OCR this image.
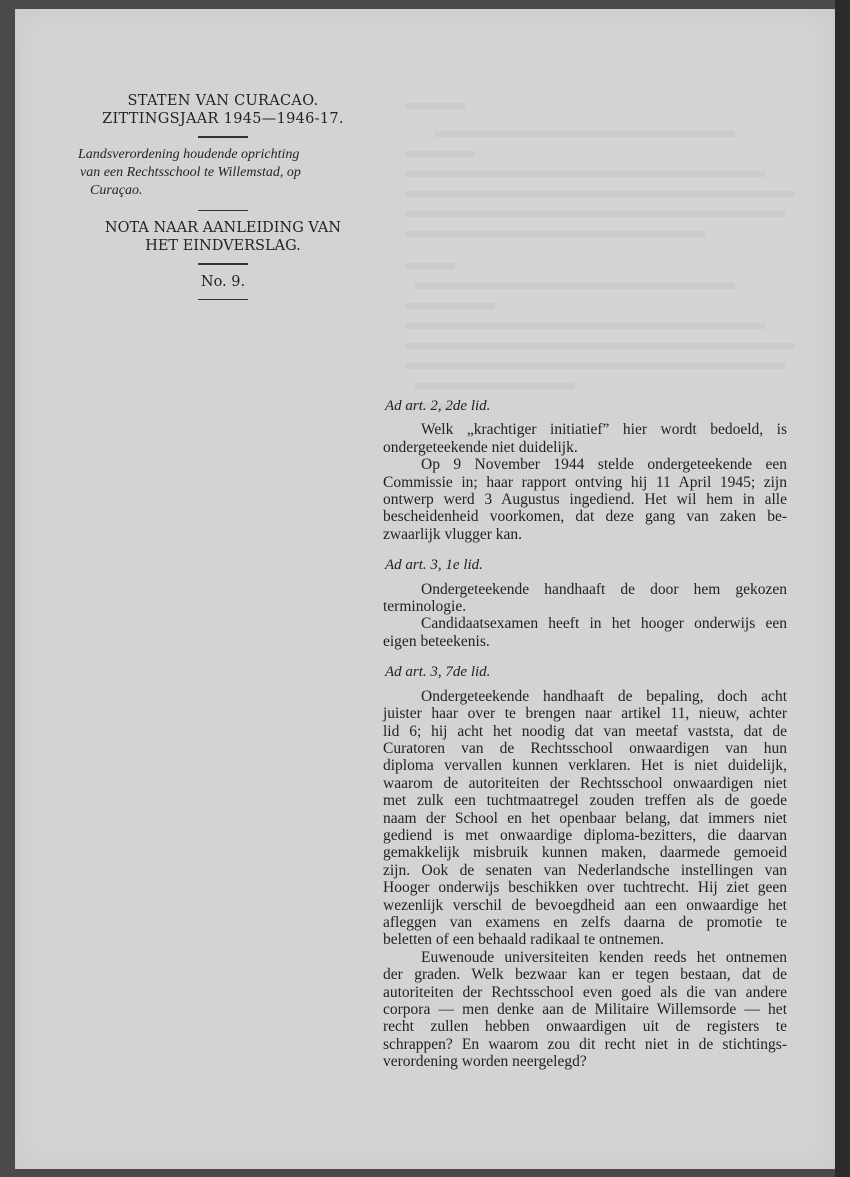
STATEN VAN CURACAO.
ZITTINGSJAAR 1945—1946-17.
Landsverordening houdende oprichting
van een Rechtsschool te Willemstad, op
Curaçao.
NOTA NAAR AANLEIDING VAN
HET EINDVERSLAG.
No. 9.
Ad art. 2, 2de lid.
Welk „krachtiger initiatief” hier wordt bedoeld, is
ondergeteekende niet duidelijk.
Op 9 November 1944 stelde ondergeteekende een
Commissie in; haar rapport ontving hij 11 April 1945; zijn
ontwerp werd 3 Augustus ingediend. Het wil hem in alle
bescheidenheid voorkomen, dat deze gang van zaken be-
zwaarlijk vlugger kan.
Ad art. 3, 1e lid.
Ondergeteekende handhaaft de door hem gekozen
terminologie.
Candidaatsexamen heeft in het hooger onderwijs een
eigen beteekenis.
Ad art. 3, 7de lid.
Ondergeteekende handhaaft de bepaling, doch acht
juister haar over te brengen naar artikel 11, nieuw, achter
lid 6; hij acht het noodig dat van meetaf vaststa, dat de
Curatoren van de Rechtsschool onwaardigen van hun
diploma vervallen kunnen verklaren. Het is niet duidelijk,
waarom de autoriteiten der Rechtsschool onwaardigen niet
met zulk een tuchtmaatregel zouden treffen als de goede
naam der School en het openbaar belang, dat immers niet
gediend is met onwaardige diploma-bezitters, die daarvan
gemakkelijk misbruik kunnen maken, daarmede gemoeid
zijn. Ook de senaten van Nederlandsche instellingen van
Hooger onderwijs beschikken over tuchtrecht. Hij ziet geen
wezenlijk verschil de bevoegdheid aan een onwaardige het
afleggen van examens en zelfs daarna de promotie te
beletten of een behaald radikaal te ontnemen.
Euwenoude universiteiten kenden reeds het ontnemen
der graden. Welk bezwaar kan er tegen bestaan, dat de
autoriteiten der Rechtsschool even goed als die van andere
corpora — men denke aan de Militaire Willemsorde — het
recht zullen hebben onwaardigen uit de registers te
schrappen? En waarom zou dit recht niet in de stichtings-
verordening worden neergelegd?
